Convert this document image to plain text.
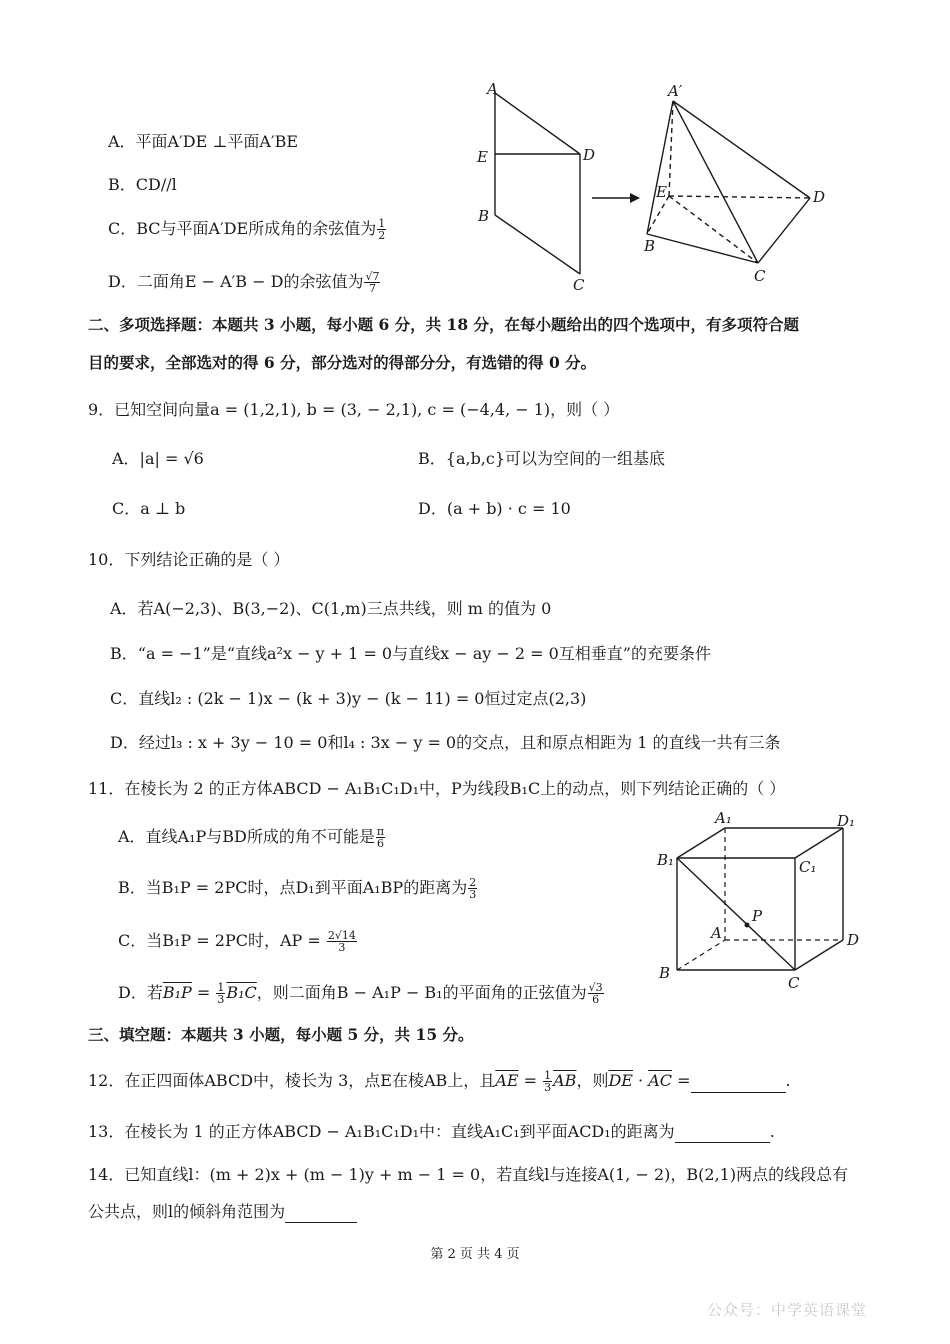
A．平面A′DE ⊥平面A′BE
B．CD//l
C．BC与平面A′DE所成角的余弦值为 $\frac{1}{2}$
D．二面角E − A′B − D的余弦值为 $\frac{√7}{7}$
A
E
B
D
C
A′
E
B
D
C
二、多项选择题：本题共 3 小题，每小题 6 分，共 18 分，在每小题给出的四个选项中，有多项符合题
目的要求，全部选对的得 6 分，部分选对的得部分分，有选错的得 0 分。
9．已知空间向量a = (1,2,1), b = (3, − 2,1), c = (−4,4, − 1)，则（ ）
A．|a| = √6	B．{a,b,c}可以为空间的一组基底
C．a ⊥ b	D．(a + b) · c = 10
10．下列结论正确的是（ ）
A．若A(−2,3)、B(3,−2)、C(1,m)三点共线，则 m 的值为 0
B．“a = −1”是“直线a²x − y + 1 = 0与直线x − ay − 2 = 0互相垂直”的充要条件
C．直线l₂ : (2k − 1)x − (k + 3)y − (k − 11) = 0恒过定点(2,3)
D．经过l₃ : x + 3y − 10 = 0和l₄ : 3x − y = 0的交点，且和原点相距为 1 的直线一共有三条
11．在棱长为 2 的正方体ABCD − A₁B₁C₁D₁中，P为线段B₁C上的动点，则下列结论正确的（ ）
A．直线A₁P与BD所成的角不可能是 $\frac{\pi}{6}$
B．当B₁P = 2PC时，点D₁到平面A₁BP的距离为 $\frac{2}{3}$
C．当B₁P = 2PC时，AP = $\frac{2√14}{3}$
D．若$B_1P = \frac{1}{3} B_1C$，则二面角B − A₁P − B₁的平面角的正弦值为 $\frac{√3}{6}$
A₁	D₁
B₁	C₁
A	D
B
C
P
三、填空题：本题共 3 小题，每小题 5 分，共 15 分。
12．在正四面体ABCD中，棱长为 3，点E在棱AB上，且$\overline{AE} = \frac{1}{3} \overline{AB}$，则$\overline{DE} \cdot \overline{AC}$ =	.
13．在棱长为 1 的正方体ABCD − A₁B₁C₁D₁中：直线A₁C₁到平面ACD₁的距离为	.
14．已知直线l：(m + 2)x + (m − 1)y + m − 1 = 0，若直线l与连接A(1, − 2)，B(2,1)两点的线段总有
公共点，则l的倾斜角范围为
第 2 页 共 4 页
公众号：中学英语课堂
